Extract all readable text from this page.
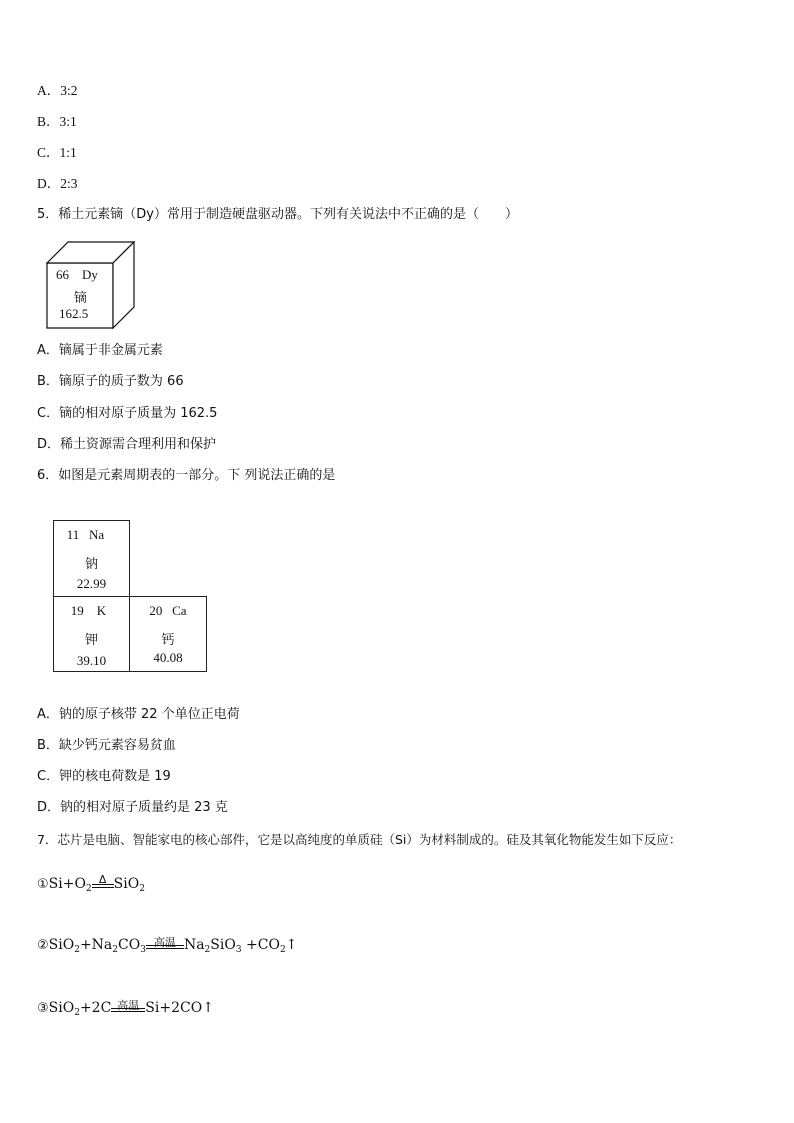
A．3:2
B．3:1
C．1:1
D．2:3
5．稀土元素镝（Dy）常用于制造硬盘驱动器。下列有关说法中不正确的是（　　）
66 Dy
镝
162.5
A．镝属于非金属元素
B．镝原子的质子数为 66
C．镝的相对原子质量为 162.5
D．稀土资源需合理利用和保护
6．如图是元素周期表的一部分。下 列说法正确的是
11 Na
钠
22.99
19 K
钾
39.10
20 Ca
钙
40.08
A．钠的原子核带 22 个单位正电荷
B．缺少钙元素容易贫血
C．钾的核电荷数是 19
D．钠的相对原子质量约是 23 克
7．芯片是电脑、智能家电的核心部件，它是以高纯度的单质硅（Si）为材料制成的。硅及其氧化物能发生如下反应：
$①Si+O_2$
Δ SiO$_2$
$②SiO_2+Na_2CO_3$
高温 $Na_2SiO_3$ $+CO_2↑$
③SiO$_2$+2C 高温 Si+2CO↑
